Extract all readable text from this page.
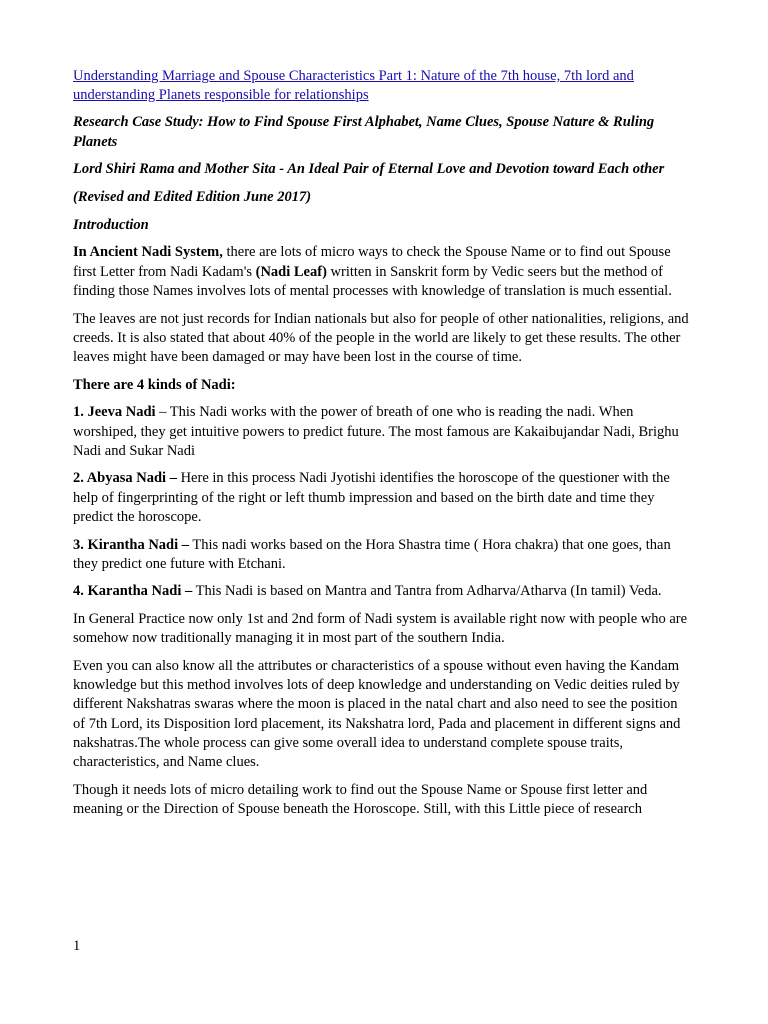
Understanding Marriage and Spouse Characteristics Part 1: Nature of the 7th house, 7th lord and understanding Planets responsible for relationships

Research Case Study: How to Find Spouse First Alphabet, Name Clues, Spouse Nature & Ruling Planets

Lord Shiri Rama and Mother Sita - An Ideal Pair of Eternal Love and Devotion toward Each other

(Revised and Edited Edition June 2017)

Introduction

In Ancient Nadi System, there are lots of micro ways to check the Spouse Name or to find out Spouse first Letter from Nadi Kadam's (Nadi Leaf) written in Sanskrit form by Vedic seers but the method of finding those Names involves lots of mental processes with knowledge of translation is much essential.

The leaves are not just records for Indian nationals but also for people of other nationalities, religions, and creeds. It is also stated that about 40% of the people in the world are likely to get these results. The other leaves might have been damaged or may have been lost in the course of time.

There are 4 kinds of Nadi:

1. Jeeva Nadi – This Nadi works with the power of breath of one who is reading the nadi. When worshiped, they get intuitive powers to predict future. The most famous are Kakaibujandar Nadi, Brighu Nadi and Sukar Nadi

2. Abyasa Nadi – Here in this process Nadi Jyotishi identifies the horoscope of the questioner with the help of fingerprinting of the right or left thumb impression and based on the birth date and time they predict the horoscope.

3. Kirantha Nadi – This nadi works based on the Hora Shastra time ( Hora chakra) that one goes, than they predict one future with Etchani.

4. Karantha Nadi – This Nadi is based on Mantra and Tantra from Adharva/Atharva (In tamil) Veda.

In General Practice now only 1st and 2nd form of Nadi system is available right now with people who are somehow now traditionally managing it in most part of the southern India.

Even you can also know all the attributes or characteristics of a spouse without even having the Kandam knowledge but this method involves lots of deep knowledge and understanding on Vedic deities ruled by different Nakshatras swaras where the moon is placed in the natal chart and also need to see the position of 7th Lord, its Disposition lord placement, its Nakshatra lord, Pada and placement in different signs and nakshatras.The whole process can give some overall idea to understand complete spouse traits, characteristics, and Name clues.

Though it needs lots of micro detailing work to find out the Spouse Name or Spouse first letter and meaning or the Direction of Spouse beneath the Horoscope. Still, with this Little piece of research

1
